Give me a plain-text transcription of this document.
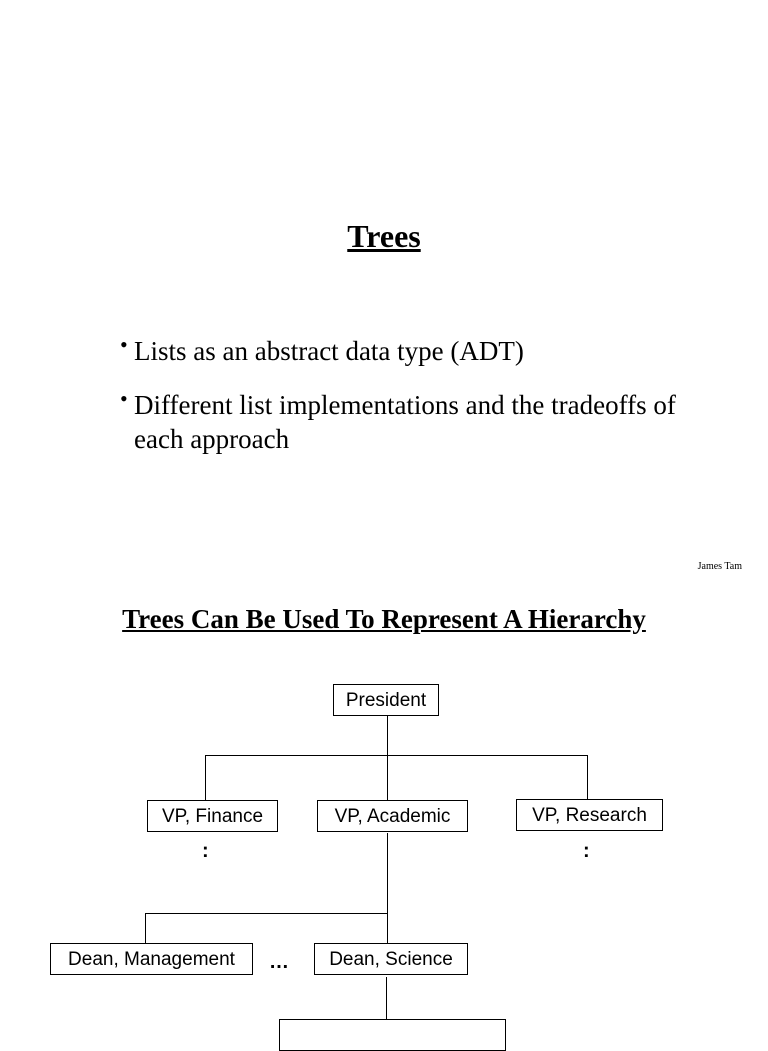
Trees
• Lists as an abstract data type (ADT)
• Different list implementations and the tradeoffs of each approach
James Tam
Trees Can Be Used To Represent A Hierarchy
President
VP, Finance	VP, Academic	VP, Research
Dean, Management	Dean, Science
:	:
…
